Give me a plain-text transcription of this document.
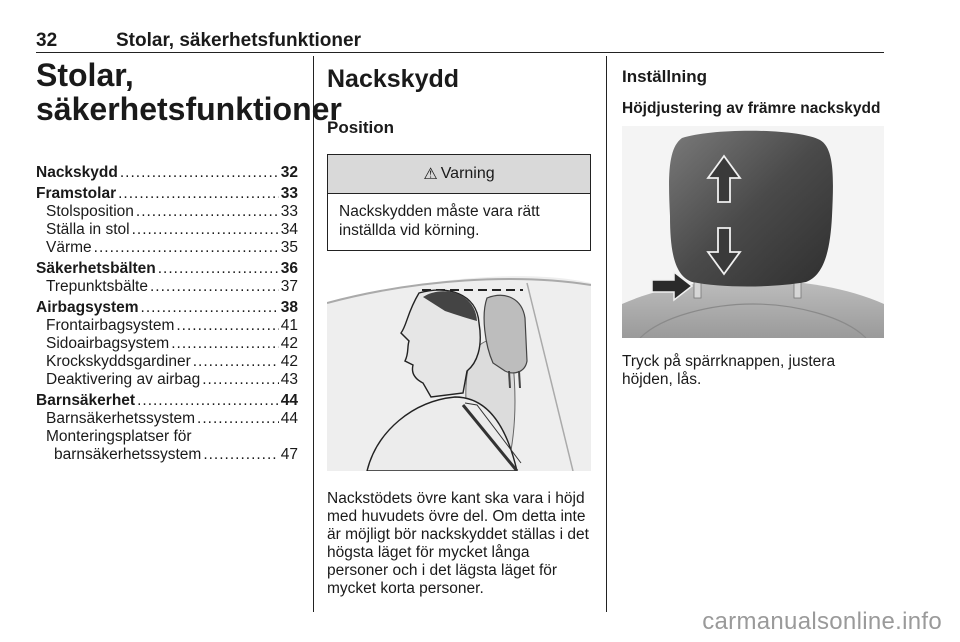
32	Stolar, säkerhetsfunktioner
Stolar,
säkerhetsfunktioner
Nackskydd .....	32
Framstolar .....	33
Stolsposition .....	33
Ställa in stol .....	34
Värme .....	35
Säkerhetsbälten .....	36
Trepunktsbälte .....	37
Airbagsystem .....	38
Frontairbagsystem .....	41
Sidoairbagsystem .....	42
Krockskyddsgardiner .....	42
Deaktivering av airbag .....	43
Barnsäkerhet .....	44
Barnsäkerhetssystem .....	44
Monteringsplatser för
barnsäkerhetssystem .....	47
Nackskydd
Position
⚠ Varning
Nackskydden måste vara rätt inställda vid körning.

Nackstödets övre kant ska vara i höjd med huvudets övre del. Om detta inte är möjligt bör nackskyddet ställas i det högsta läget för mycket långa personer och i det lägsta läget för mycket korta personer.

Inställning
Höjdjustering av främre nackskydd

Tryck på spärrknappen, justera höjden, lås.

carmanualsonline.info
